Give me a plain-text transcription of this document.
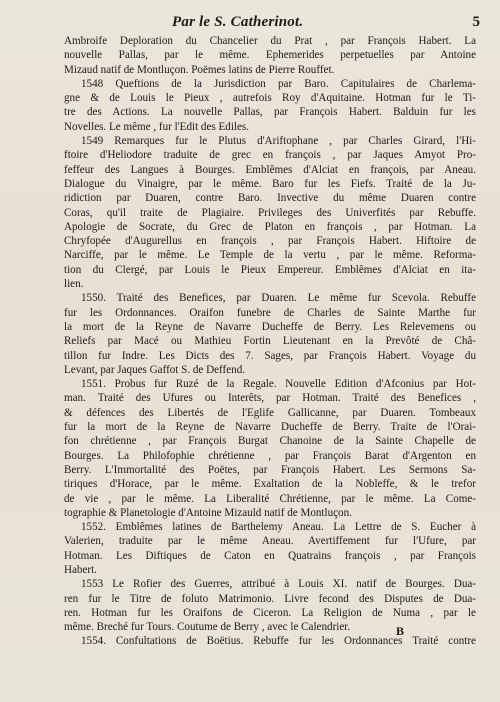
Par le S. Catherinot.	5
Ambroife Deploration du Chancelier du Prat , par François Habert. La
nouvelle Pallas, par le même. Ephemerides perpetuelles par Antoine
Mizaud natif de Montluçon. Poëmes latins de Pierre Rouffet.
1548 Queftions de la Jurisdiction par Baro. Capitulaires de Charlema-
gne & de Louis le Pieux , autrefois Roy d'Aquitaine. Hotman fur le Ti-
tre des Actions. La nouvelle Pallas, par François Habert. Balduin fur les
Novelles. Le même , fur l'Edit des Ediles.
1549 Remarques fur le Plutus d'Ariftophane , par Charles Girard, l'Hi-
ftoire d'Heliodore traduite de grec en françois , par Jaques Amyot Pro-
feffeur des Langues à Bourges. Emblêmes d'Alciat en françois, par Aneau.
Dialogue du Vinaigre, par le même. Baro fur les Fiefs. Traité de la Ju-
ridiction par Duaren, contre Baro. Invective du même Duaren contre
Coras, qu'il traite de Plagiaire. Privileges des Univerfités par Rebuffe.
Apologie de Socrate, du Grec de Platon en françois , par Hotman. La
Chryfopée d'Augurellus en françois , par François Habert. Hiftoire de
Narciffe, par le même. Le Temple de la vertu , par le même. Reforma-
tion du Clergé, par Louis le Pieux Empereur. Emblêmes d'Alciat en ita-
lien.
1550. Traité des Benefices, par Duaren. Le même fur Scevola. Rebuffe
fur les Ordonnances. Oraifon funebre de Charles de Sainte Marthe fur
la mort de la Reyne de Navarre Ducheffe de Berry. Les Relevemens ou
Reliefs par Macé ou Mathieu Fortin Lieutenant en la Prevôté de Châ-
tillon fur Indre. Les Dicts des 7. Sages, par François Habert. Voyage du
Levant, par Jaques Gaffot S. de Deffend.
1551. Probus fur Ruzé de la Regale. Nouvelle Edition d'Afconius par Hot-
man. Traité des Ufures ou Interêts, par Hotman. Traité des Benefices ,
& défences des Libertés de l'Eglife Gallicanne, par Duaren. Tombeaux
fur la mort de la Reyne de Navarre Ducheffe de Berry. Traite de l'Orai-
fon chrétienne , par François Burgat Chanoine de la Sainte Chapelle de
Bourges. La Philofophie chrétienne , par François Barat d'Argenton en
Berry. L'Immortalité des Poëtes, par François Habert. Les Sermons Sa-
tiriques d'Horace, par le même. Exaltation de la Nobleffe, & le trefor
de vie , par le même. La Liberalité Chrétienne, par le même. La Come-
tographie & Planetologie d'Antoine Mizauld natif de Montluçon.
1552. Emblêmes latines de Barthelemy Aneau. La Lettre de S. Eucher à
Valerien, traduite par le même Aneau. Avertiffement fur l'Ufure, par
Hotman. Les Diftiques de Caton en Quatrains françois , par François
Habert.
1553 Le Rofier des Guerres, attribué à Louis XI. natif de Bourges. Dua-
ren fur le Titre de foluto Matrimonio. Livre fecond des Disputes de Dua-
ren. Hotman fur les Oraifons de Ciceron. La Religion de Numa , par le
même. Breché fur Tours. Coutume de Berry , avec le Calendrier.
1554. Confultations de Boëtius. Rebuffe fur les Ordonnances Traité contre
B
